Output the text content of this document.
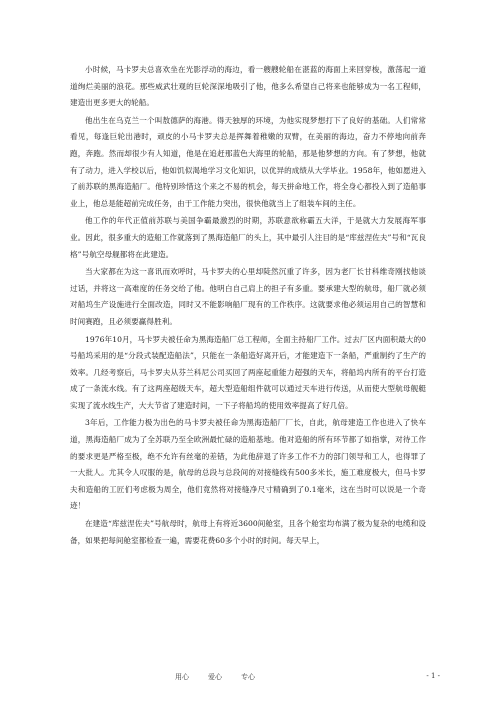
小时候，马卡罗夫总喜欢坐在光影浮动的海边，看一艘艘轮船在湛蓝的海面上来回穿梭，激荡起一道道绚烂美丽的浪花。那些威武壮观的巨轮深深地吸引了他，他多么希望自己将来也能够成为一名工程师，建造出更多更大的轮船。

他出生在乌克兰一个叫敖德萨的海港。得天独厚的环境，为他实现梦想打下了良好的基础。人们常常看见，每逢巨轮出港时，顽皮的小马卡罗夫总是挥舞着稚嫩的双臂，在美丽的海边，奋力不停地向前奔跑，奔跑。然而却很少有人知道，他是在追赶那蓝色大海里的轮船，那是他梦想的方向。有了梦想，他就有了动力，进入学校以后，他如饥似渴地学习文化知识，以优异的成绩从大学毕业。1958年，他如愿进入了前苏联的黑海造船厂。他特别珍惜这个来之不易的机会，每天拼命地工作，将全身心都投入到了造船事业上，他总是能超前完成任务，由于工作能力突出，很快他就当上了组装车间的主任。

他工作的年代正值前苏联与美国争霸最激烈的时期，苏联意欲称霸五大洋，于是就大力发展海军事业。因此，很多重大的造船工作就落到了黑海造船厂的头上，其中最引人注目的是“库兹涅佐夫”号和“瓦良格”号航空母舰都将在此建造。

当大家都在为这一喜讯而欢呼时，马卡罗夫的心里却陡然沉重了许多，因为老厂长甘科维奇刚找他谈过话，并将这一高难度的任务交给了他。他明白自己肩上的担子有多重。要承建大型的航母，船厂就必须对船坞生产设施进行全面改造，同时又不能影响船厂现有的工作秩序。这就要求他必须运用自己的智慧和时间赛跑，且必须要赢得胜利。

1976年10月，马卡罗夫被任命为黑海造船厂总工程师，全面主持船厂工作。过去厂区内面积最大的0号船坞采用的是“分段式装配造船法”，只能在一条船造好离开后，才能建造下一条船，严重制约了生产的效率。几经考察后，马卡罗夫从芬兰科尼公司买回了两座起重能力超强的天车，将船坞内所有的平台打造成了一条流水线。有了这两座超级天车，超大型造船组件就可以通过天车进行传送，从而使大型航母舰艇实现了流水线生产，大大节省了建造时间，一下子将船坞的使用效率提高了好几倍。

3年后，工作能力极为出色的马卡罗夫被任命为黑海造船厂厂长，自此，航母建造工作也进入了快车道，黑海造船厂成为了全苏联乃至全欧洲最忙碌的造船基地。他对造船的所有环节都了如指掌，对待工作的要求更是严格至极，绝不允许有丝毫的差错，为此他辞退了许多工作不力的部门领导和工人，也得罪了一大批人。尤其令人叹服的是，航母的总段与总段间的对接缝线有500多米长，施工难度极大，但马卡罗夫和造船的工匠们考虑极为周全，他们竟然将对接缝净尺寸精确到了0.1毫米，这在当时可以说是一个奇迹！

在建造“库兹涅佐夫”号航母时，航母上有将近3600间舱室，且各个舱室均布满了极为复杂的电缆和设备，如果把每间舱室都检查一遍，需要花费60多个小时的时间。每天早上，

用心	爱心	专心	- 1 -
